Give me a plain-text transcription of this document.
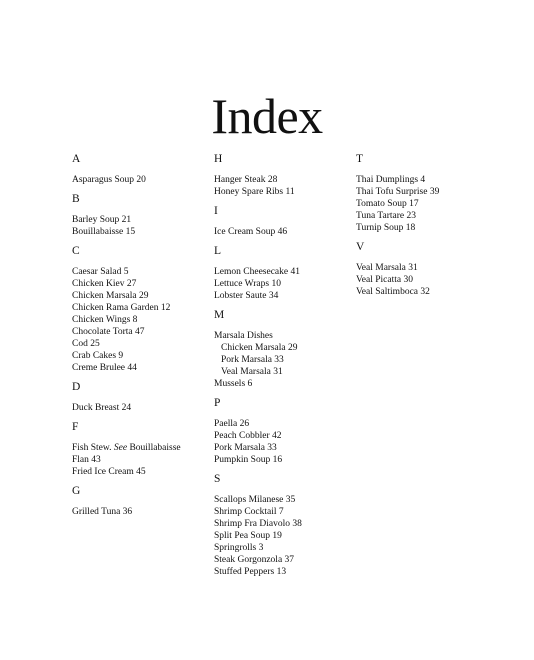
Index
A
Asparagus Soup 20
B
Barley Soup 21
Bouillabaisse 15
C
Caesar Salad 5
Chicken Kiev 27
Chicken Marsala 29
Chicken Rama Garden 12
Chicken Wings 8
Chocolate Torta 47
Cod 25
Crab Cakes 9
Creme Brulee 44
D
Duck Breast 24
F
Fish Stew. See Bouillabaisse
Flan 43
Fried Ice Cream 45
G
Grilled Tuna 36
H
Hanger Steak 28
Honey Spare Ribs 11
I
Ice Cream Soup 46
L
Lemon Cheesecake 41
Lettuce Wraps 10
Lobster Saute 34
M
Marsala Dishes
Chicken Marsala 29
Pork Marsala 33
Veal Marsala 31
Mussels 6
P
Paella 26
Peach Cobbler 42
Pork Marsala 33
Pumpkin Soup 16
S
Scallops Milanese 35
Shrimp Cocktail 7
Shrimp Fra Diavolo 38
Split Pea Soup 19
Springrolls 3
Steak Gorgonzola 37
Stuffed Peppers 13
T
Thai Dumplings 4
Thai Tofu Surprise 39
Tomato Soup 17
Tuna Tartare 23
Turnip Soup 18
V
Veal Marsala 31
Veal Picatta 30
Veal Saltimboca 32
